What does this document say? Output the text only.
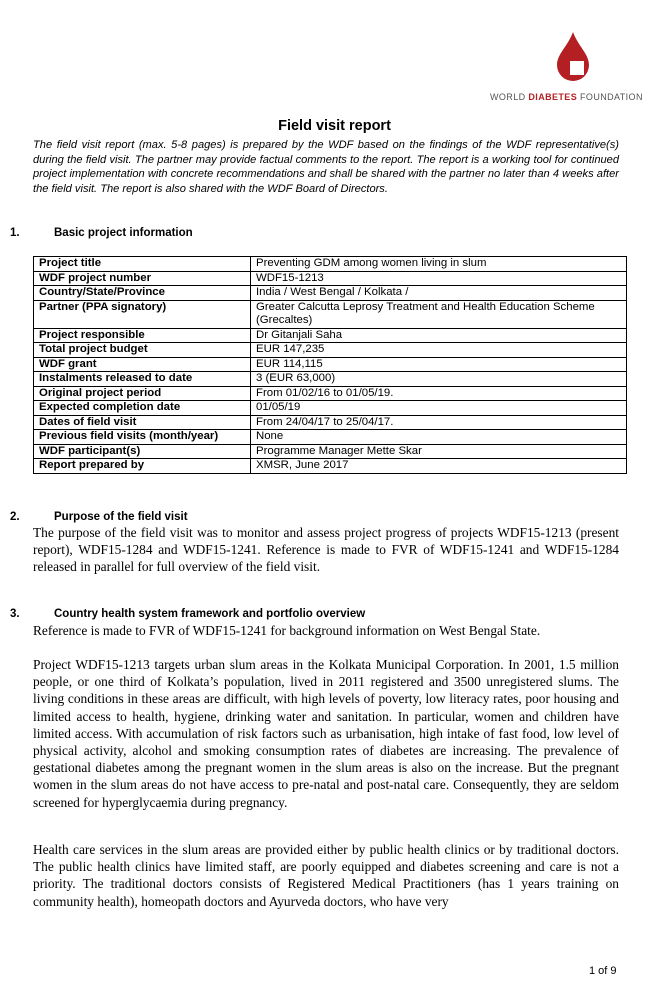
WORLD DIABETES FOUNDATION
Field visit report
The field visit report (max. 5-8 pages) is prepared by the WDF based on the findings of the WDF representative(s) during the field visit. The partner may provide factual comments to the report. The report is a working tool for continued project implementation with concrete recommendations and shall be shared with the partner no later than 4 weeks after the field visit. The report is also shared with the WDF Board of Directors.
1.	Basic project information
Project title	Preventing GDM among women living in slum
WDF project number	WDF15-1213
Country/State/Province	India / West Bengal / Kolkata /
Partner (PPA signatory)	Greater Calcutta Leprosy Treatment and Health Education Scheme (Grecaltes)
Project responsible	Dr Gitanjali Saha
Total project budget	EUR 147,235
WDF grant	EUR 114,115
Instalments released to date	3 (EUR 63,000)
Original project period	From 01/02/16 to 01/05/19.
Expected completion date	01/05/19
Dates of field visit	From 24/04/17 to 25/04/17.
Previous field visits (month/year)	None
WDF participant(s)	Programme Manager Mette Skar
Report prepared by	XMSR, June 2017
2.	Purpose of the field visit
The purpose of the field visit was to monitor and assess project progress of projects WDF15-1213 (present report), WDF15-1284 and WDF15-1241. Reference is made to FVR of WDF15-1241 and WDF15-1284 released in parallel for full overview of the field visit.
3.	Country health system framework and portfolio overview
Reference is made to FVR of WDF15-1241 for background information on West Bengal State.
Project WDF15-1213 targets urban slum areas in the Kolkata Municipal Corporation. In 2001, 1.5 million people, or one third of Kolkata’s population, lived in 2011 registered and 3500 unregistered slums. The living conditions in these areas are difficult, with high levels of poverty, low literacy rates, poor housing and limited access to health, hygiene, drinking water and sanitation. In particular, women and children have limited access. With accumulation of risk factors such as urbanisation, high intake of fast food, low level of physical activity, alcohol and smoking consumption rates of diabetes are increasing. The prevalence of gestational diabetes among the pregnant women in the slum areas is also on the increase. But the pregnant women in the slum areas do not have access to pre-natal and post-natal care. Consequently, they are seldom screened for hyperglycaemia during pregnancy.
Health care services in the slum areas are provided either by public health clinics or by traditional doctors. The public health clinics have limited staff, are poorly equipped and diabetes screening and care is not a priority. The traditional doctors consists of Registered Medical Practitioners (has 1 years training on community health), homeopath doctors and Ayurveda doctors, who have very
1 of 9
